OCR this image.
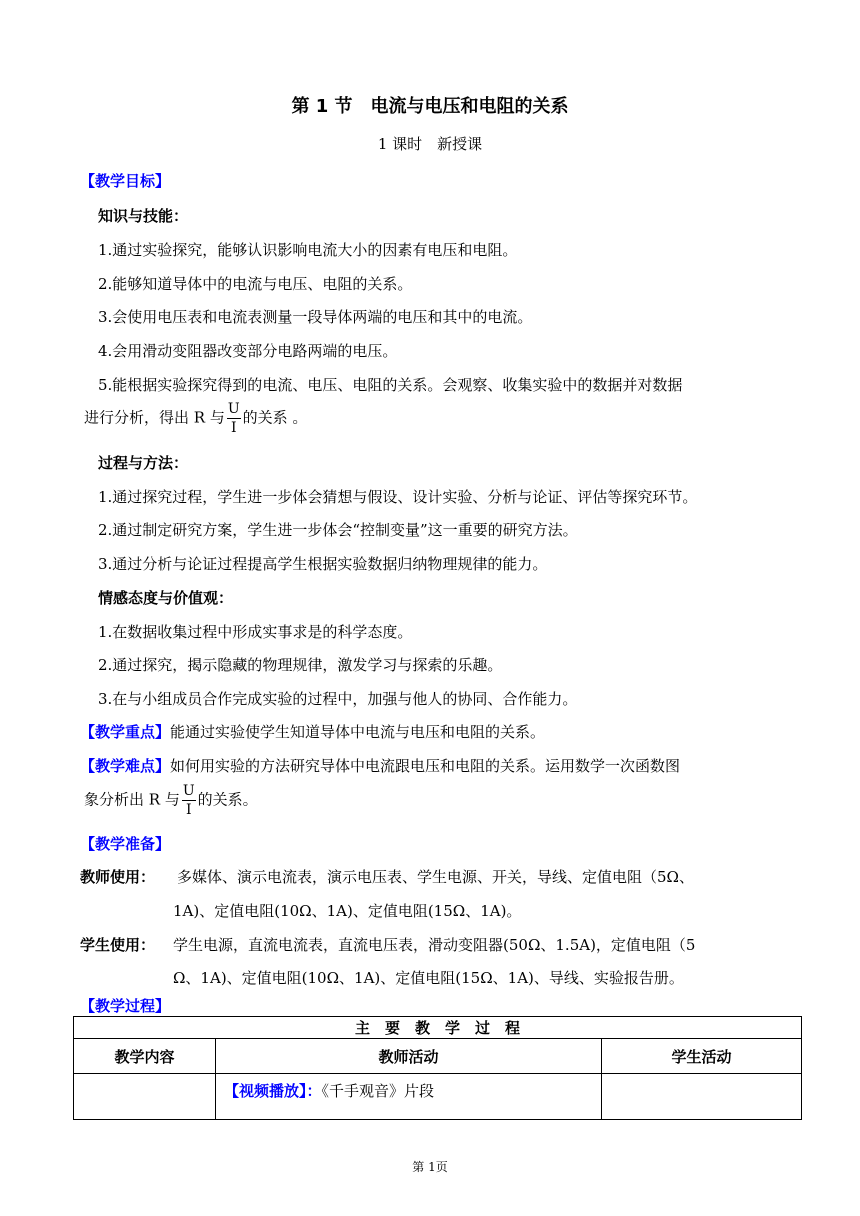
第 1 节　电流与电压和电阻的关系
1 课时　新授课
【教学目标】
知识与技能：
1.通过实验探究，能够认识影响电流大小的因素有电压和电阻。
2.能够知道导体中的电流与电压、电阻的关系。
3.会使用电压表和电流表测量一段导体两端的电压和其中的电流。
4.会用滑动变阻器改变部分电路两端的电压。
5.能根据实验探究得到的电流、电压、电阻的关系。会观察、收集实验中的数据并对数据
进行分析，得出 R 与 $\frac{U}{I}$ 的关系 。
过程与方法：
1.通过探究过程，学生进一步体会猜想与假设、设计实验、分析与论证、评估等探究环节。
2.通过制定研究方案，学生进一步体会“控制变量”这一重要的研究方法。
3.通过分析与论证过程提高学生根据实验数据归纳物理规律的能力。
情感态度与价值观：
1.在数据收集过程中形成实事求是的科学态度。
2.通过探究，揭示隐藏的物理规律，激发学习与探索的乐趣。
3.在与小组成员合作完成实验的过程中，加强与他人的协同、合作能力。
【教学重点】能通过实验使学生知道导体中电流与电压和电阻的关系。
【教学难点】如何用实验的方法研究导体中电流跟电压和电阻的关系。运用数学一次函数图
象分析出 R 与 $\frac{U}{I}$ 的关系。
【教学准备】
教师使用： 多媒体、演示电流表，演示电压表、学生电源、开关，导线、定值电阻（5Ω、
1A)、定值电阻(10Ω、1A)、定值电阻(15Ω、1A)。
学生使用： 学生电源，直流电流表，直流电压表，滑动变阻器(50Ω、1.5A)，定值电阻（5
Ω、1A)、定值电阻(10Ω、1A)、定值电阻(15Ω、1A)、导线、实验报告册。
【教学过程】
主　要　教　学　过　程		
教学内容	教师活动	学生活动
	【视频播放】：《千手观音》片段	
第 1页
